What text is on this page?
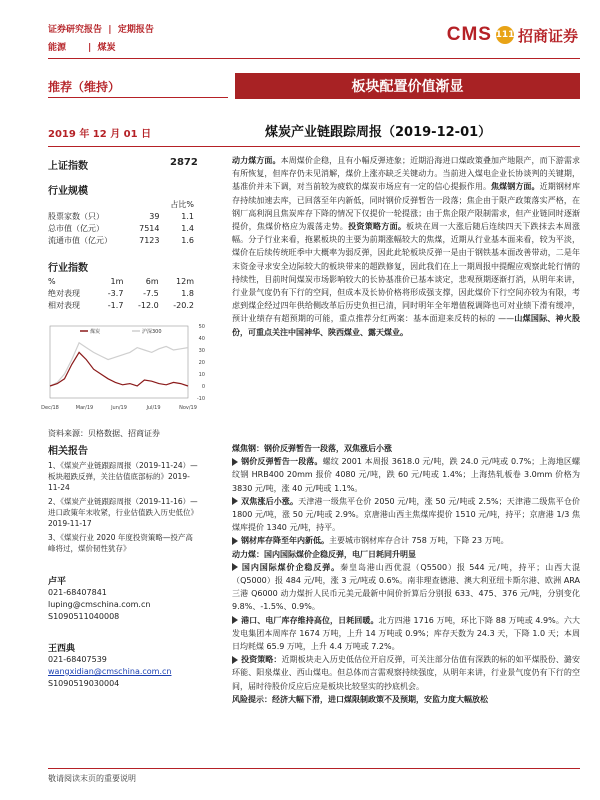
证券研究报告  |  定期报告
能源       |  煤炭
CMS 111 招商证券
推荐（维持）	板块配置价值渐显
2019 年 12 月 01 日	煤炭产业链跟踪周报（2019-12-01）
上证指数	2872
行业规模
		占比%
股票家数（只）	39	1.1
总市值（亿元）	7514	1.4
流通市值（亿元）	7123	1.6
行业指数
%	1m	6m	12m
绝对表现	-3.7	-7.5	1.8
相对表现	-1.7	-12.0	-20.2
50
40
30
20
10
0
-10
Dec/18	Mar/19	Jun/19	Jul/19	Nov/19
煤炭	沪深300
资料来源：贝格数据、招商证券
相关报告
1、《煤炭产业链跟踪周报（2019-11-24）—板块超跌反弹，关注估值底部标的》2019-11-24
2、《煤炭产业链跟踪周报（2019-11-16）—进口政策年末收紧，行业估值跌入历史低位》2019-11-17
3、《煤炭行业 2020 年度投资策略—投产高峰将过，煤价韧性犹存》
卢平
021-68407841
luping@cmschina.com.cn
S1090511040008
王西典
021-68407539
wangxidian@cmschina.com.cn
S1090519030004
动力煤方面。本周煤价企稳，且有小幅反弹迹象；近期沿海进口煤政策叠加产地限产，而下游需求有所恢复，但库存仍未见消解，煤价上涨亦缺乏关键动力。当前进入煤电企业长协谈判的关键期，基准价并未下调，对当前较为疲软的煤炭市场应有一定的信心提振作用。焦煤钢方面。近期钢材库存持续加速去库，已回落至年内新低，同时钢价反弹暂告一段落；焦企由于限产政策落实严格，在钢厂高利润且焦炭库存下降的情况下仅提价一轮提涨；由于焦企限产限制需求，但产业链同时逐渐提价，焦煤价格应为震荡走势。投资策略方面。板块在周一大涨后随后连续四天下跌抹去本周涨幅。分子行业来看，拖累板块的主要为前期涨幅较大的焦煤，近期从行业基本面来看，较为平淡，煤价在后续传统旺季中大概率为弱反弹，因此此轮板块反弹一是由于钢铁基本面改善带动，二是年末资金寻求安全边际较大的板块带来的超跌修复，因此我们在上一期周报中提醒应观察此轮行情的持续性，目前时间煤炭市场影响较大的长协基准价已基本谈定，悲观预期逐渐打消，从明年来讲，行业景气度仍有下行的空间，但成本及长协价格将形成强支撑，因此煤价下行空间亦较为有限，考虑到煤企经过四年供给侧改革后历史负担已清，同时明年全年增值税调降也可对业绩下滑有缓冲，预计业绩存有超预期的可能，重点推荐分红两案：基本面迎来反转的标的 ——山煤国际、神火股份，可重点关注中国神华、陕西煤业、露天煤业。
煤焦钢：钢价反弹暂告一段落，双焦涨后小涨
钢价反弹暂告一段落。螺纹 2001 本周报 3618.0 元/吨，跌 24.0 元/吨或 0.7%；上海地区螺纹钢 HRB400 20mm 报价 4080 元/吨，跌 60 元/吨或 1.4%；上海热轧板卷 3.0mm 价格为 3830 元/吨，涨 40 元/吨或 1.1%。
双焦涨后小涨。天津港一级焦平仓价 2050 元/吨，涨 50 元/吨或 2.5%；天津港二级焦平仓价 1800 元/吨，涨 50 元/吨或 2.9%。京唐港山西主焦煤库提价 1510 元/吨，持平；京唐港 1/3 焦煤库提价 1340 元/吨，持平。
钢材库存降至年内新低。主要城市钢材库存合计 758 万吨，下降 23 万吨。
动力煤：国内国际煤价企稳反弹，电厂日耗同升明显
国内国际煤价企稳反弹。秦皇岛港山西优混（Q5500）报 544 元/吨，持平；山西大混（Q5000）报 484 元/吨，涨 3 元/吨或 0.6%。南非理查德港、澳大利亚纽卡斯尔港、欧洲 ARA 三港 Q6000 动力煤折人民币元美元最新中间价折算后分别报 633、475、376 元/吨，分别变化 9.8%、-1.5%、0.9%。
港口、电厂库存维持高位，日耗回暖。北方四港 1716 万吨，环比下降 88 万吨或 4.9%。六大发电集团本周库存 1674 万吨，上升 14 万吨或 0.9%；库存天数为 24.3 天，下降 1.0 天；本周日均耗煤 65.9 万吨，上升 4.4 万吨或 7.2%。
投资策略：近期板块走入历史低估位开启反弹，可关注部分估值有深跌的标的如平煤股份、潞安环能、阳泉煤业、西山煤电。但总体而言需观察持续强度，从明年来讲，行业景气度仍有下行的空间，届时待股价反应后应是板块比较坚实的抄底机会。
风险提示：经济大幅下滑，进口煤限制政策不及预期，安监力度大幅放松
敬请阅读末页的重要说明
